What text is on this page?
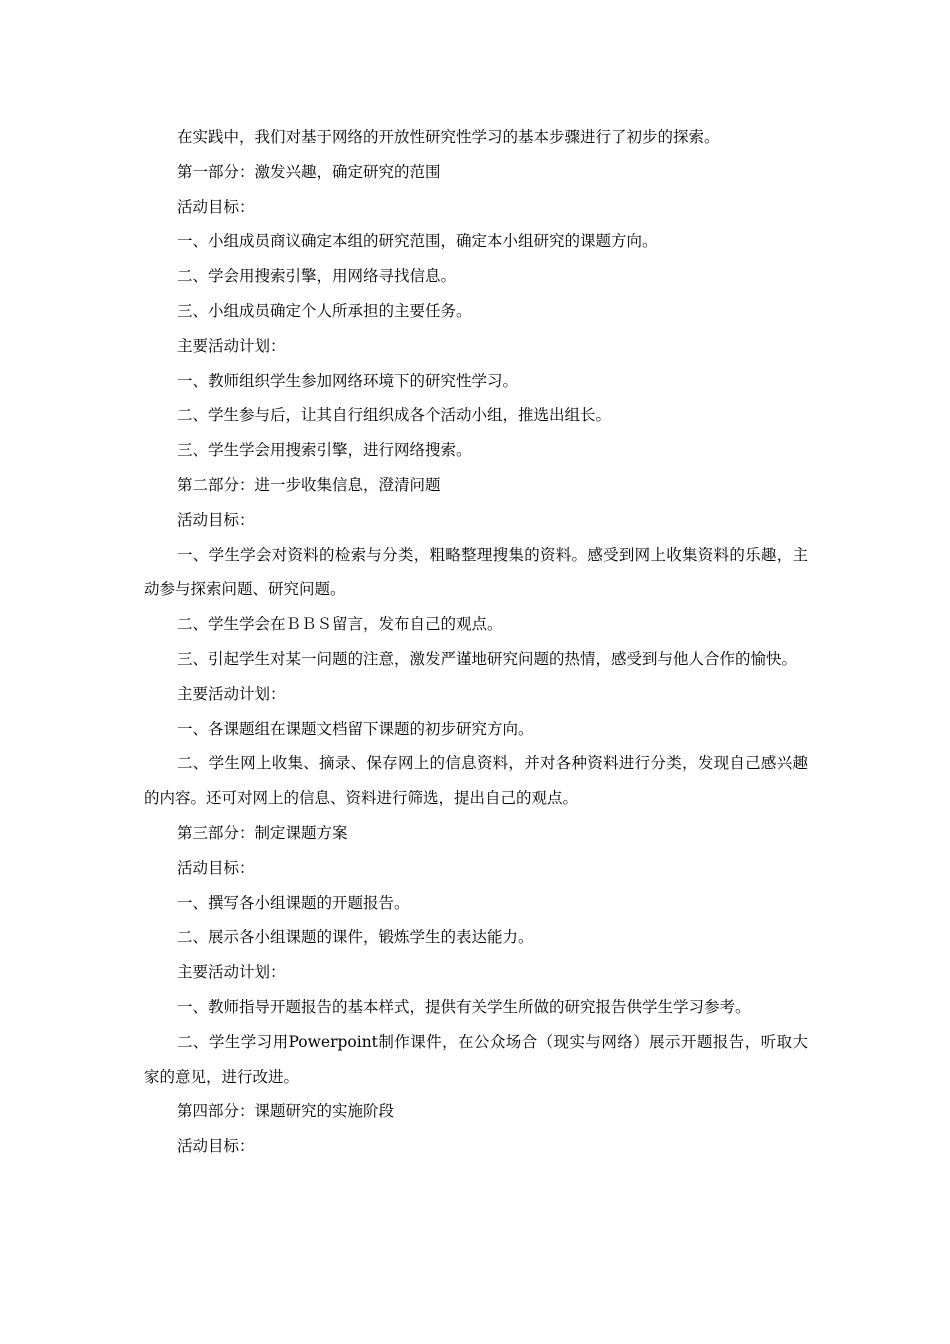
在实践中，我们对基于网络的开放性研究性学习的基本步骤进行了初步的探索。

第一部分：激发兴趣，确定研究的范围

活动目标：

一、小组成员商议确定本组的研究范围，确定本小组研究的课题方向。

二、学会用搜索引擎，用网络寻找信息。

三、小组成员确定个人所承担的主要任务。

主要活动计划：

一、教师组织学生参加网络环境下的研究性学习。

二、学生参与后，让其自行组织成各个活动小组，推选出组长。

三、学生学会用搜索引擎，进行网络搜索。

第二部分：进一步收集信息，澄清问题

活动目标：

一、学生学会对资料的检索与分类，粗略整理搜集的资料。感受到网上收集资料的乐趣，主动参与探索问题、研究问题。

二、学生学会在ＢＢＳ留言，发布自己的观点。

三、引起学生对某一问题的注意，激发严谨地研究问题的热情，感受到与他人合作的愉快。

主要活动计划：

一、各课题组在课题文档留下课题的初步研究方向。

二、学生网上收集、摘录、保存网上的信息资料，并对各种资料进行分类，发现自己感兴趣的内容。还可对网上的信息、资料进行筛选，提出自己的观点。

第三部分：制定课题方案

活动目标：

一、撰写各小组课题的开题报告。

二、展示各小组课题的课件，锻炼学生的表达能力。

主要活动计划：

一、教师指导开题报告的基本样式，提供有关学生所做的研究报告供学生学习参考。

二、学生学习用Powerpoint制作课件，在公众场合（现实与网络）展示开题报告，听取大家的意见，进行改进。

第四部分：课题研究的实施阶段

活动目标：
